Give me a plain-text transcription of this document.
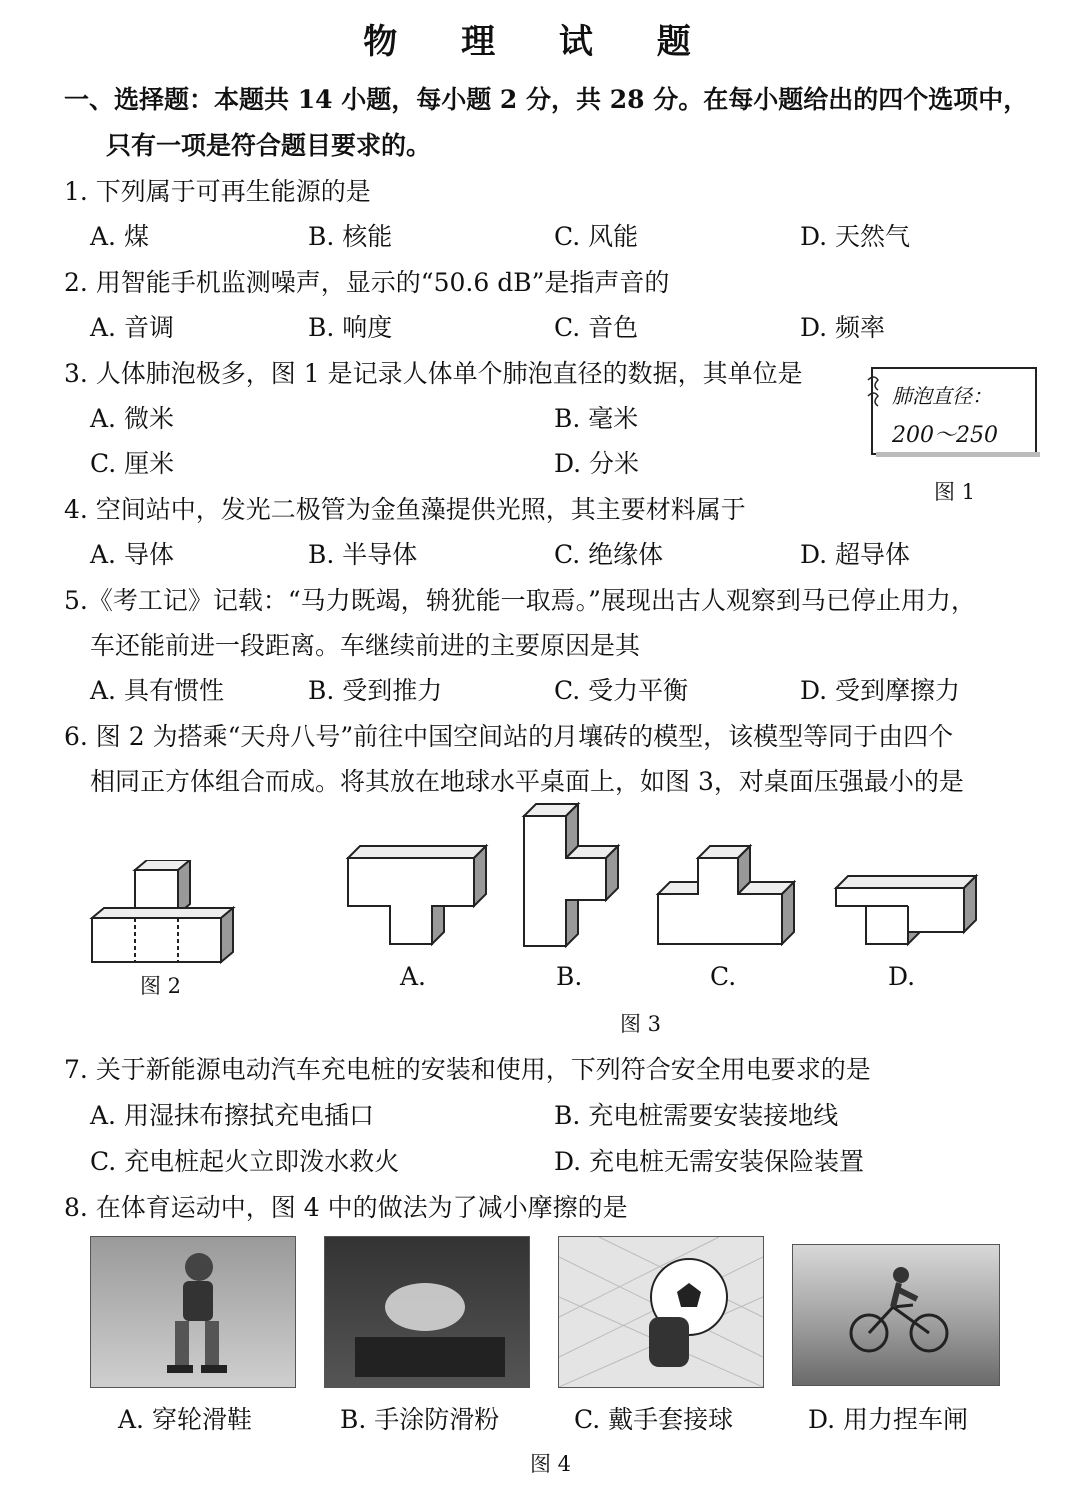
物 理 试 题
一、选择题：本题共 14 小题，每小题 2 分，共 28 分。在每小题给出的四个选项中，
只有一项是符合题目要求的。
1. 下列属于可再生能源的是
A. 煤	B. 核能	C. 风能	D. 天然气
2. 用智能手机监测噪声，显示的“50.6 dB”是指声音的
A. 音调	B. 响度	C. 音色	D. 频率
3. 人体肺泡极多，图 1 是记录人体单个肺泡直径的数据，其单位是
A. 微米	B. 毫米
C. 厘米	D. 分米
肺泡直径：
200～250
图 1
4. 空间站中，发光二极管为金鱼藻提供光照，其主要材料属于
A. 导体	B. 半导体	C. 绝缘体	D. 超导体
5.《考工记》记载：“马力既竭，辀犹能一取焉。”展现出古人观察到马已停止用力，
车还能前进一段距离。车继续前进的主要原因是其
A. 具有惯性	B. 受到推力	C. 受力平衡	D. 受到摩擦力
6. 图 2 为搭乘“天舟八号”前往中国空间站的月壤砖的模型，该模型等同于由四个
相同正方体组合而成。将其放在地球水平桌面上，如图 3，对桌面压强最小的是
图 2	A.	B.	C.	D.
图 3
7. 关于新能源电动汽车充电桩的安装和使用，下列符合安全用电要求的是
A. 用湿抹布擦拭充电插口	B. 充电桩需要安装接地线
C. 充电桩起火立即泼水救火	D. 充电桩无需安装保险装置
8. 在体育运动中，图 4 中的做法为了减小摩擦的是
A. 穿轮滑鞋	B. 手涂防滑粉	C. 戴手套接球	D. 用力捏车闸
图 4
